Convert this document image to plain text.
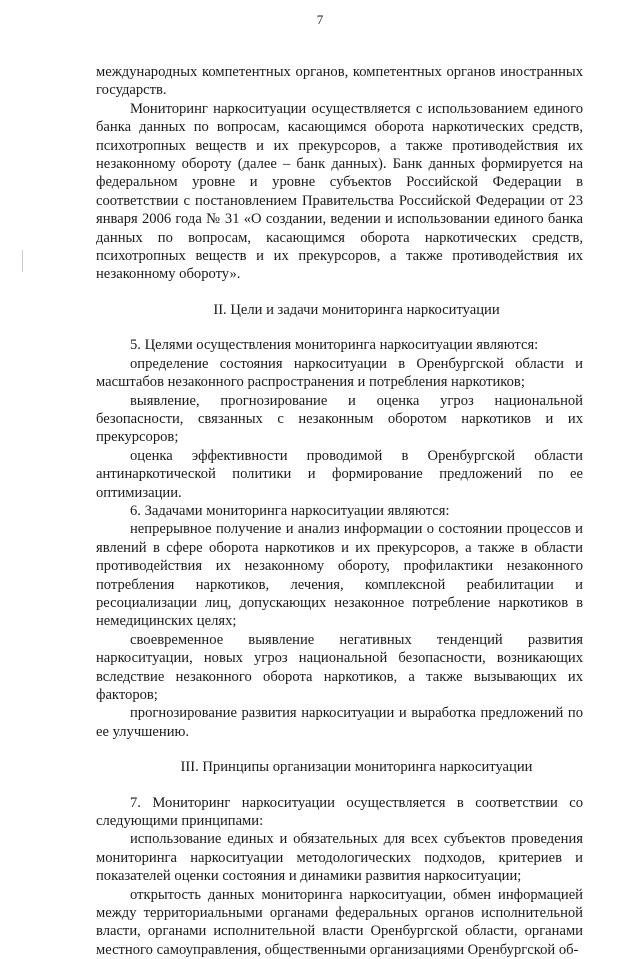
7

международных компетентных органов, компетентных органов иностранных государств.

Мониторинг наркоситуации осуществляется с использованием единого банка данных по вопросам, касающимся оборота наркотических средств, психотропных веществ и их прекурсоров, а также противодействия их незаконному обороту (далее – банк данных). Банк данных формируется на федеральном уровне и уровне субъектов Российской Федерации в соответствии с постановлением Правительства Российской Федерации от 23 января 2006 года № 31 «О создании, ведении и использовании единого банка данных по вопросам, касающимся оборота наркотических средств, психотропных веществ и их прекурсоров, а также противодействия их незаконному обороту».

II. Цели и задачи мониторинга наркоситуации

5. Целями осуществления мониторинга наркоситуации являются:

определение состояния наркоситуации в Оренбургской области и масштабов незаконного распространения и потребления наркотиков;

выявление, прогнозирование и оценка угроз национальной безопасности, связанных с незаконным оборотом наркотиков и их прекурсоров;

оценка эффективности проводимой в Оренбургской области антинаркотической политики и формирование предложений по ее оптимизации.

6. Задачами мониторинга наркоситуации являются:

непрерывное получение и анализ информации о состоянии процессов и явлений в сфере оборота наркотиков и их прекурсоров, а также в области противодействия их незаконному обороту, профилактики незаконного потребления наркотиков, лечения, комплексной реабилитации и ресоциализации лиц, допускающих незаконное потребление наркотиков в немедицинских целях;

своевременное выявление негативных тенденций развития наркоситуации, новых угроз национальной безопасности, возникающих вследствие незаконного оборота наркотиков, а также вызывающих их факторов;

прогнозирование развития наркоситуации и выработка предложений по ее улучшению.

III. Принципы организации мониторинга наркоситуации

7. Мониторинг наркоситуации осуществляется в соответствии со следующими принципами:

использование единых и обязательных для всех субъектов проведения мониторинга наркоситуации методологических подходов, критериев и показателей оценки состояния и динамики развития наркоситуации;

открытость данных мониторинга наркоситуации, обмен информацией между территориальными органами федеральных органов исполнительной власти, органами исполнительной власти Оренбургской области, органами местного самоуправления, общественными организациями Оренбургской об-
